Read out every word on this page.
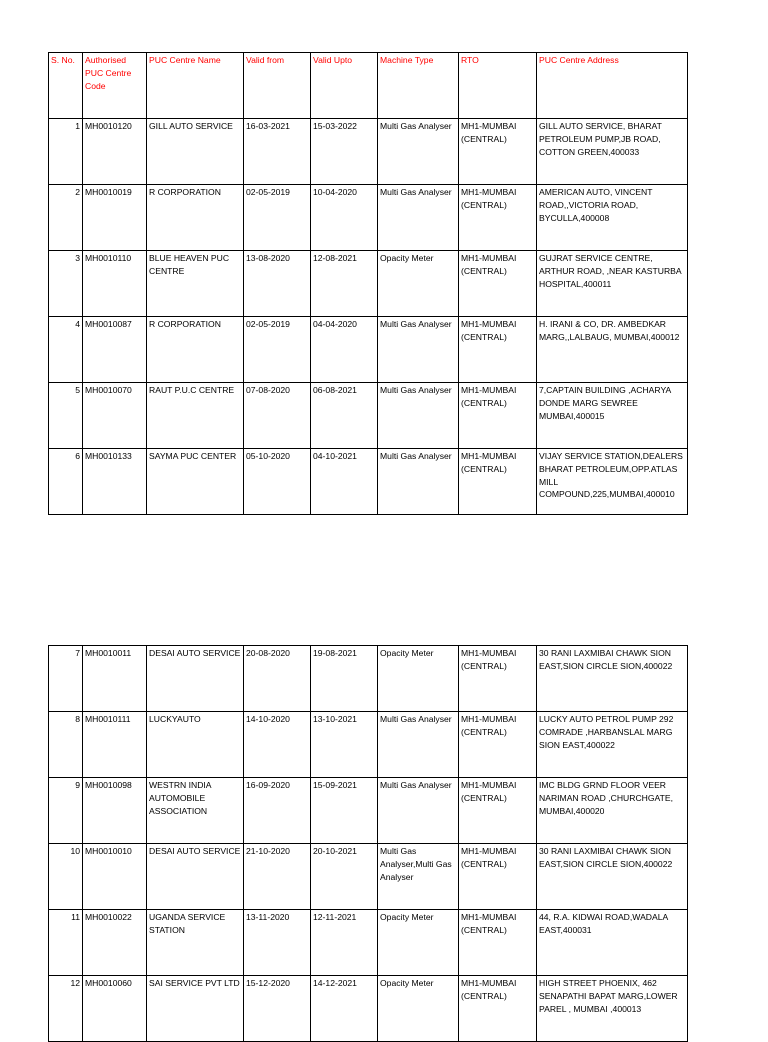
S. No.	Authorised PUC Centre Code	PUC Centre Name	Valid from	Valid Upto	Machine Type	RTO	PUC Centre Address
1	MH0010120	GILL AUTO SERVICE	16-03-2021	15-03-2022	Multi Gas Analyser	MH1-MUMBAI (CENTRAL)	GILL AUTO SERVICE, BHARAT PETROLEUM PUMP,JB ROAD, COTTON GREEN,400033
2	MH0010019	R CORPORATION	02-05-2019	10-04-2020	Multi Gas Analyser	MH1-MUMBAI (CENTRAL)	AMERICAN AUTO, VINCENT ROAD,,VICTORIA ROAD, BYCULLA,400008
3	MH0010110	BLUE HEAVEN PUC CENTRE	13-08-2020	12-08-2021	Opacity Meter	MH1-MUMBAI (CENTRAL)	GUJRAT SERVICE CENTRE, ARTHUR ROAD, ,NEAR KASTURBA HOSPITAL,400011
4	MH0010087	R CORPORATION	02-05-2019	04-04-2020	Multi Gas Analyser	MH1-MUMBAI (CENTRAL)	H. IRANI & CO, DR. AMBEDKAR MARG,,LALBAUG, MUMBAI,400012
5	MH0010070	RAUT P.U.C CENTRE	07-08-2020	06-08-2021	Multi Gas Analyser	MH1-MUMBAI (CENTRAL)	7,CAPTAIN BUILDING ,ACHARYA DONDE MARG SEWREE MUMBAI,400015
6	MH0010133	SAYMA PUC CENTER	05-10-2020	04-10-2021	Multi Gas Analyser	MH1-MUMBAI (CENTRAL)	VIJAY SERVICE STATION,DEALERS BHARAT PETROLEUM,OPP.ATLAS MILL COMPOUND,225,MUMBAI,400010
7	MH0010011	DESAI AUTO SERVICE	20-08-2020	19-08-2021	Opacity Meter	MH1-MUMBAI (CENTRAL)	30 RANI LAXMIBAI CHAWK SION EAST,SION CIRCLE SION,400022
8	MH0010111	LUCKYAUTO	14-10-2020	13-10-2021	Multi Gas Analyser	MH1-MUMBAI (CENTRAL)	LUCKY AUTO PETROL PUMP 292 COMRADE ,HARBANSLAL MARG SION EAST,400022
9	MH0010098	WESTRN INDIA AUTOMOBILE ASSOCIATION	16-09-2020	15-09-2021	Multi Gas Analyser	MH1-MUMBAI (CENTRAL)	IMC BLDG GRND FLOOR VEER NARIMAN ROAD ,CHURCHGATE, MUMBAI,400020
10	MH0010010	DESAI AUTO SERVICE	21-10-2020	20-10-2021	Multi Gas Analyser,Multi Gas Analyser	MH1-MUMBAI (CENTRAL)	30 RANI LAXMIBAI CHAWK SION EAST,SION CIRCLE SION,400022
11	MH0010022	UGANDA SERVICE STATION	13-11-2020	12-11-2021	Opacity Meter	MH1-MUMBAI (CENTRAL)	44, R.A. KIDWAI ROAD,WADALA EAST,400031
12	MH0010060	SAI SERVICE PVT LTD	15-12-2020	14-12-2021	Opacity Meter	MH1-MUMBAI (CENTRAL)	HIGH STREET PHOENIX, 462 SENAPATHI BAPAT MARG,LOWER PAREL , MUMBAI ,400013
